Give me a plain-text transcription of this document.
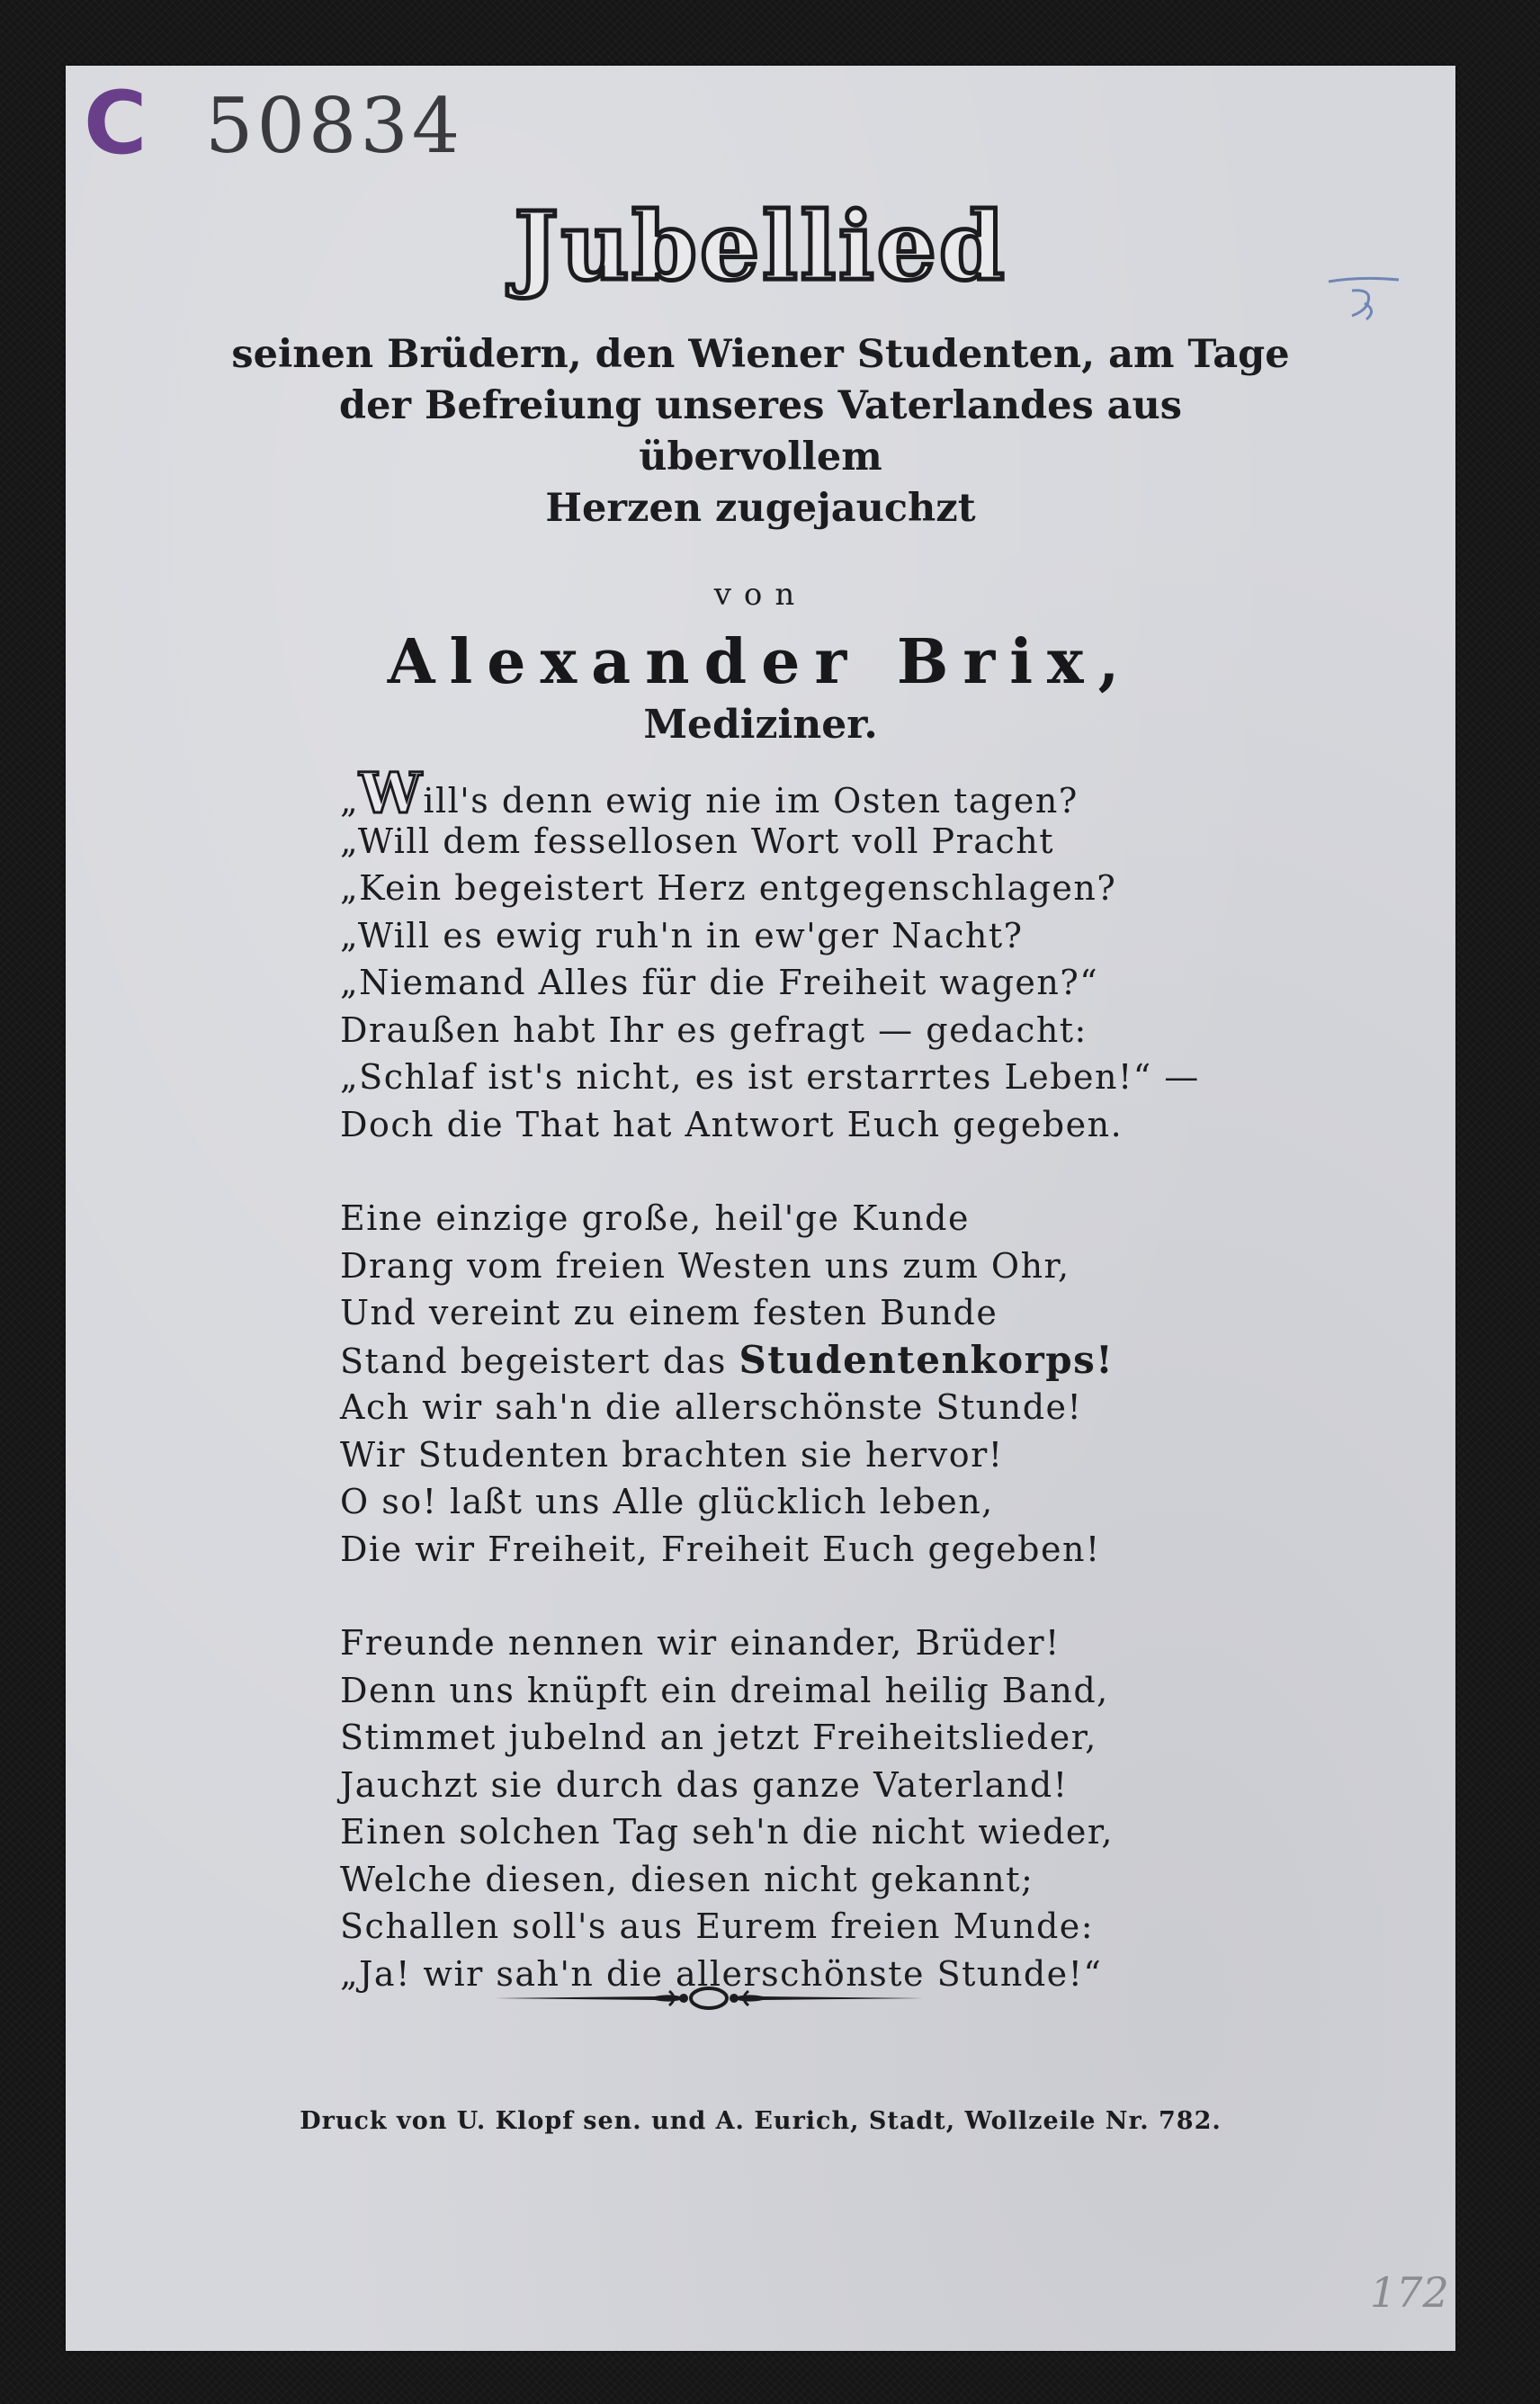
C 50834
Jubellied
seinen Brüdern, den Wiener Studenten, am Tage
der Befreiung unseres Vaterlandes aus übervollem
Herzen zugejauchzt
von
Alexander Brix,
Mediziner.
„Will's denn ewig nie im Osten tagen?
„Will dem fessellosen Wort voll Pracht
„Kein begeistert Herz entgegenschlagen?
„Will es ewig ruh'n in ew'ger Nacht?
„Niemand Alles für die Freiheit wagen?“
Draußen habt Ihr es gefragt — gedacht:
„Schlaf ist's nicht, es ist erstarrtes Leben!“ —
Doch die That hat Antwort Euch gegeben.
Eine einzige große, heil'ge Kunde
Drang vom freien Westen uns zum Ohr,
Und vereint zu einem festen Bunde
Stand begeistert das Studentenkorps!
Ach wir sah'n die allerschönste Stunde!
Wir Studenten brachten sie hervor!
O so! laßt uns Alle glücklich leben,
Die wir Freiheit, Freiheit Euch gegeben!
Freunde nennen wir einander, Brüder!
Denn uns knüpft ein dreimal heilig Band,
Stimmet jubelnd an jetzt Freiheitslieder,
Jauchzt sie durch das ganze Vaterland!
Einen solchen Tag seh'n die nicht wieder,
Welche diesen, diesen nicht gekannt;
Schallen soll's aus Eurem freien Munde:
„Ja! wir sah'n die allerschönste Stunde!“
Druck von U. Klopf sen. und A. Eurich, Stadt, Wollzeile Nr. 782.
172
